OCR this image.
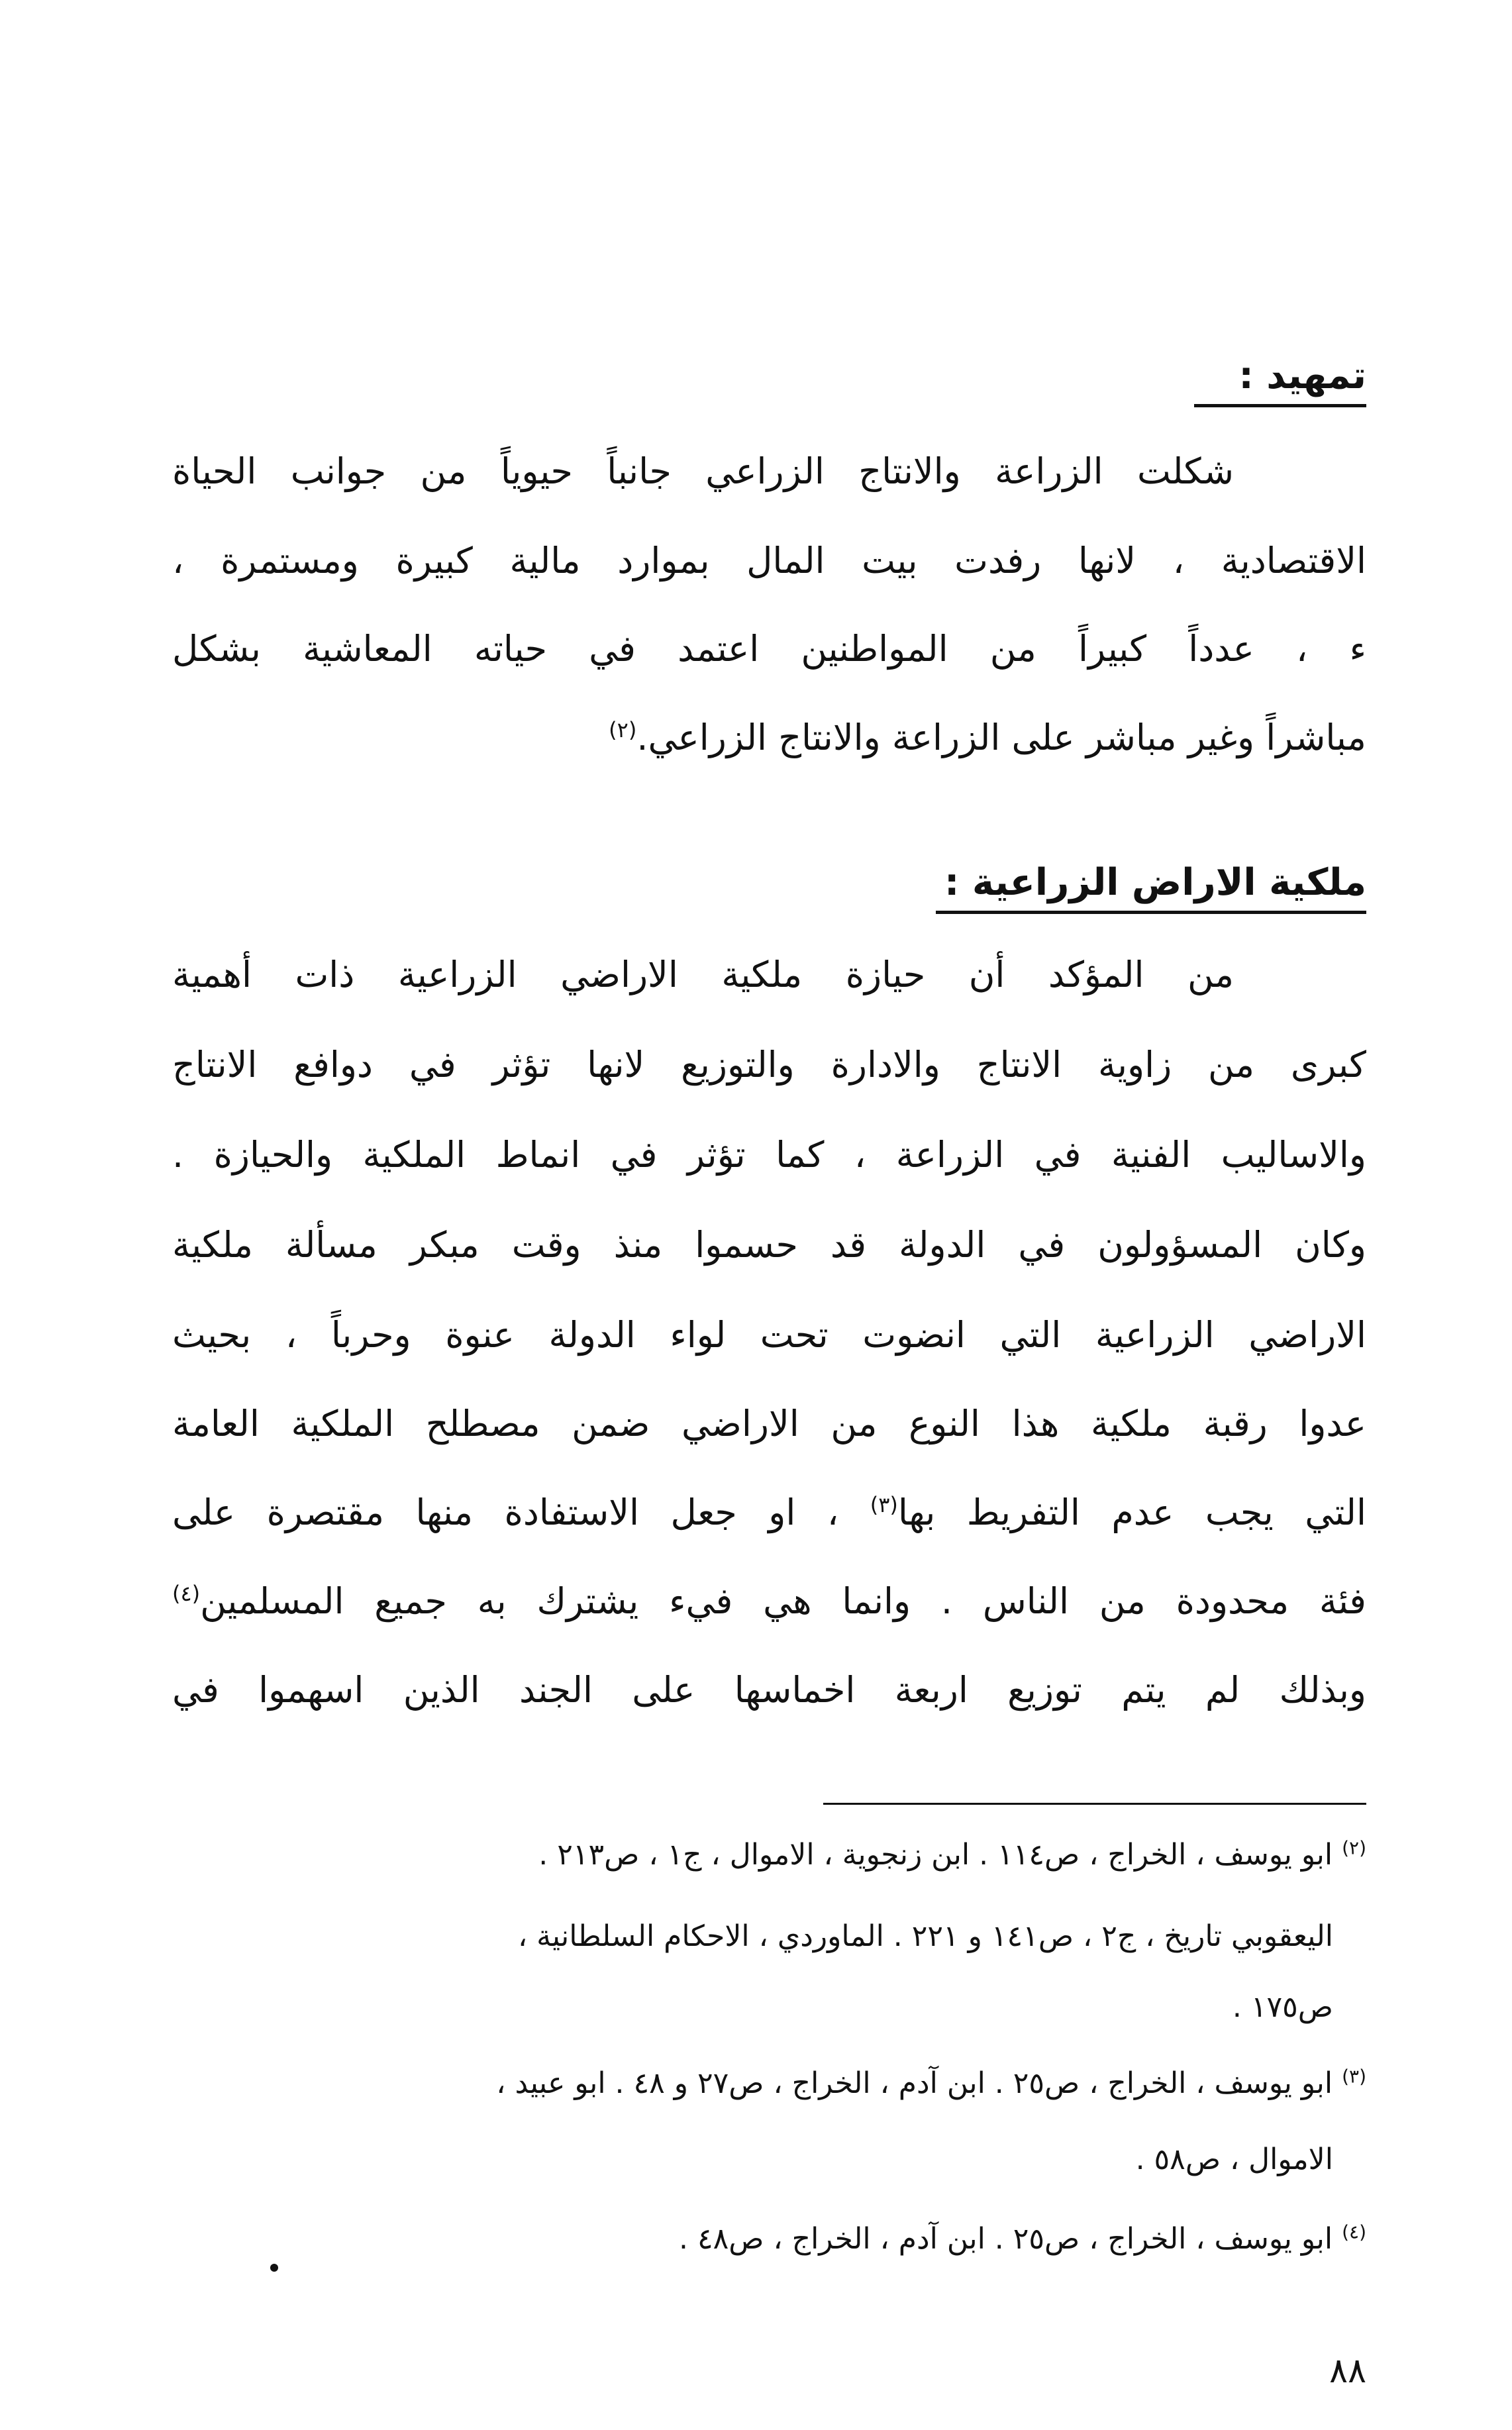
تمهيد :
شكلت الزراعة والانتاج الزراعي جانباً حيوياً من جوانب الحياة
الاقتصادية ، لانها رفدت بيت المال بموارد مالية كبيرة ومستمرة ،
ء ، عدداً كبيراً من المواطنين اعتمد في حياته المعاشية بشكل
مباشراً وغير مباشر على الزراعة والانتاج الزراعي.$^{(٢)}$
ملكية الاراض الزراعية :
من المؤكد أن حيازة ملكية الاراضي الزراعية ذات أهمية
كبرى من زاوية الانتاج والادارة والتوزيع لانها تؤثر في دوافع الانتاج
والاساليب الفنية في الزراعة ، كما تؤثر في انماط الملكية والحيازة .
وكان المسؤولون في الدولة قد حسموا منذ وقت مبكر مسألة ملكية
الاراضي الزراعية التي انضوت تحت لواء الدولة عنوة وحرباً ، بحيث
عدوا رقبة ملكية هذا النوع من الاراضي ضمن مصطلح الملكية العامة
التي يجب عدم التفريط بها$^{(٣)}$ ، او جعل الاستفادة منها مقتصرة على
فئة محدودة من الناس . وانما هي فيء يشترك به جميع المسلمين$^{(٤)}$
وبذلك لم يتم توزيع اربعة اخماسها على الجند الذين اسهموا في
$^{(٢)}$ ابو يوسف ، الخراج ، ص١١٤ . ابن زنجوية ، الاموال ، ج١ ، ص٢١٣ .
اليعقوبي تاريخ ، ج٢ ، ص١٤١ و ٢٢١ . الماوردي ، الاحكام السلطانية ،
ص١٧٥ .
$^{(٣)}$ ابو يوسف ، الخراج ، ص٢٥ . ابن آدم ، الخراج ، ص٢٧ و ٤٨ . ابو عبيد ،
الاموال ، ص٥٨ .
$^{(٤)}$ ابو يوسف ، الخراج ، ص٢٥ . ابن آدم ، الخراج ، ص٤٨ .
٨٨
